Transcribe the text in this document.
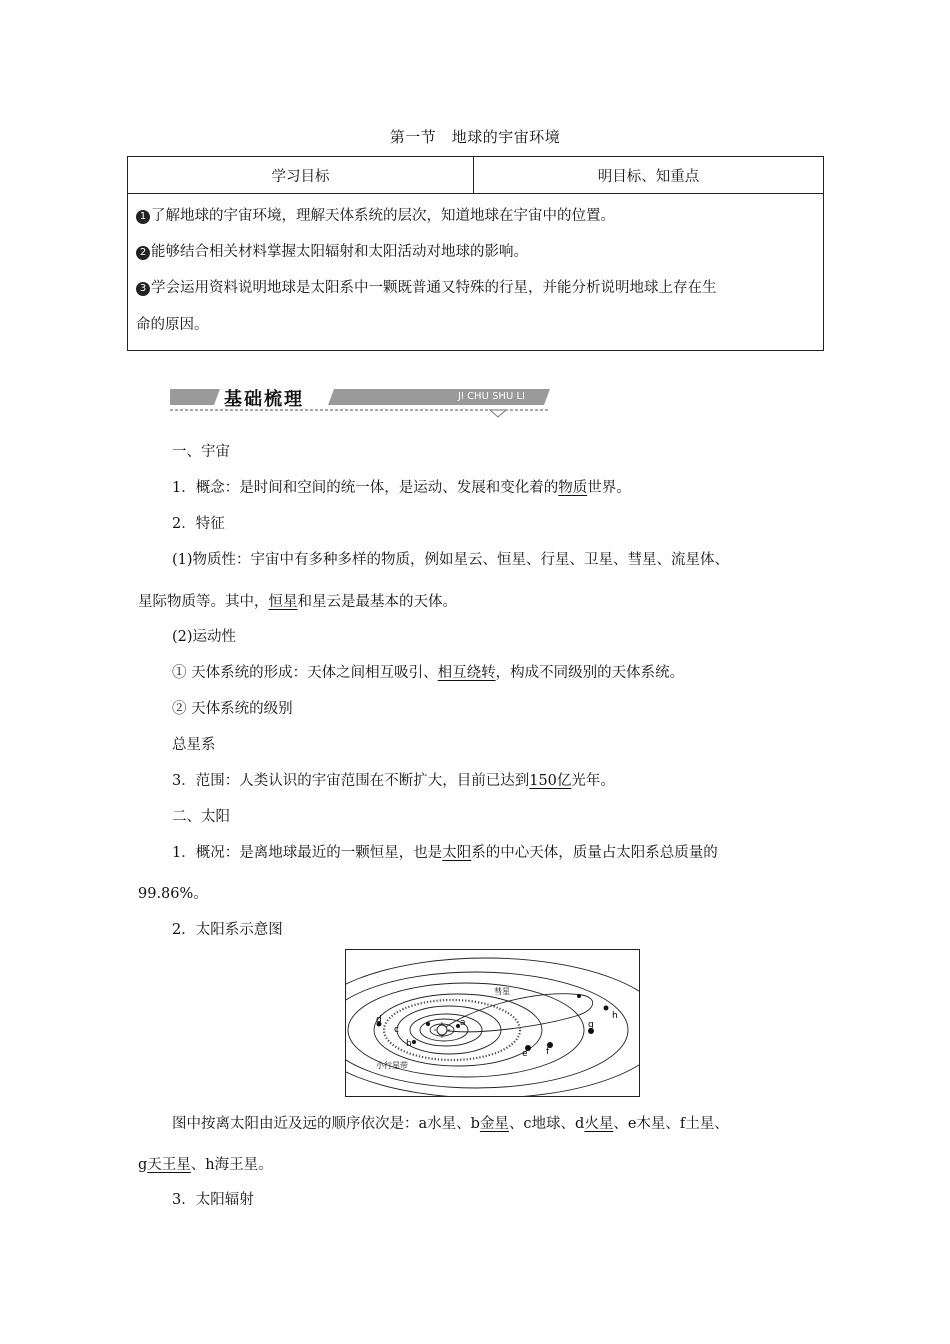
第一节　地球的宇宙环境
学习目标	明目标、知重点

1 了解地球的宇宙环境，理解天体系统的层次，知道地球在宇宙中的位置。
2 能够结合相关材料掌握太阳辐射和太阳活动对地球的影响。
3 学会运用资料说明地球是太阳系中一颗既普通又特殊的行星，并能分析说明地球上存在生
命的原因。
基础梳理	JI CHU SHU LI
一、宇宙
1．概念：是时间和空间的统一体，是运动、发展和变化着的物质世界。
2．特征
(1)物质性：宇宙中有多种多样的物质，例如星云、恒星、行星、卫星、彗星、流星体、
星际物质等。其中，恒星和星云是最基本的天体。
(2)运动性
① 天体系统的形成：天体之间相互吸引、相互绕转，构成不同级别的天体系统。
② 天体系统的级别
总星系
3．范围：人类认识的宇宙范围在不断扩大，目前已达到150亿光年。
二、太阳
1．概况：是离地球最近的一颗恒星，也是太阳系的中心天体，质量占太阳系总质量的
99.86%。
2．太阳系示意图
a
b
c
d
e f
g
h
彗星
小行星带
图中按离太阳由近及远的顺序依次是：a水星、b金星、c地球、d火星、e木星、f土星、
g天王星、h海王星。
3．太阳辐射
